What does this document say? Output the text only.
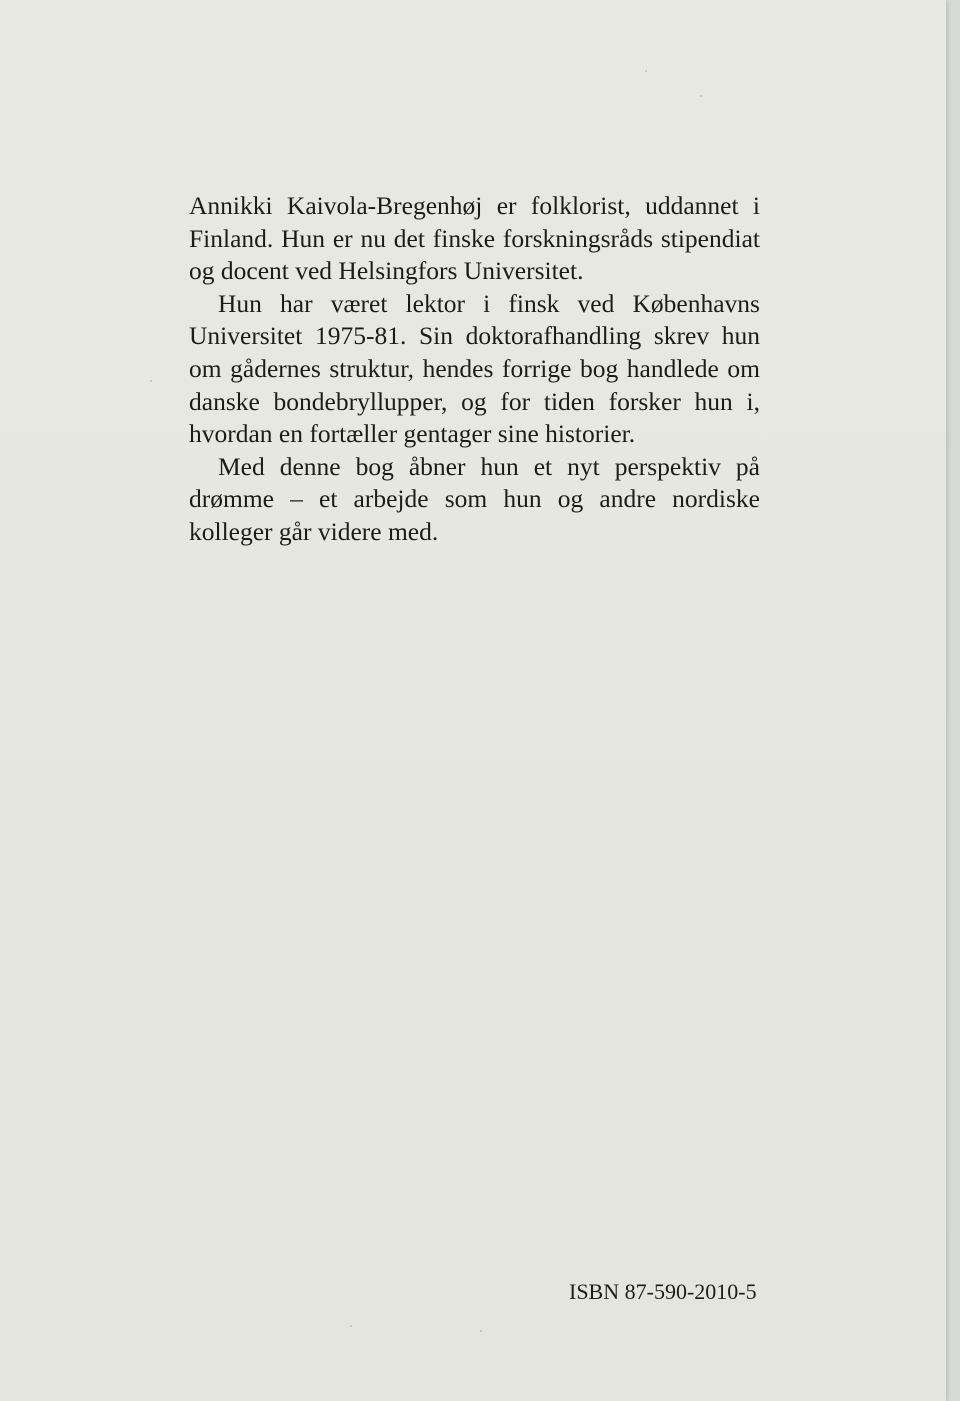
Annikki Kaivola-Bregenhøj er folklorist, uddannet i Finland. Hun er nu det finske forskningsråds stipendiat og docent ved Helsingfors Universitet.

Hun har været lektor i finsk ved Københavns Universitet 1975-81. Sin doktorafhandling skrev hun om gådernes struktur, hendes forrige bog handlede om danske bondebryllupper, og for tiden forsker hun i, hvordan en fortæller gentager sine historier.

Med denne bog åbner hun et nyt perspektiv på drømme – et arbejde som hun og andre nordiske kolleger går videre med.

ISBN 87-590-2010-5
